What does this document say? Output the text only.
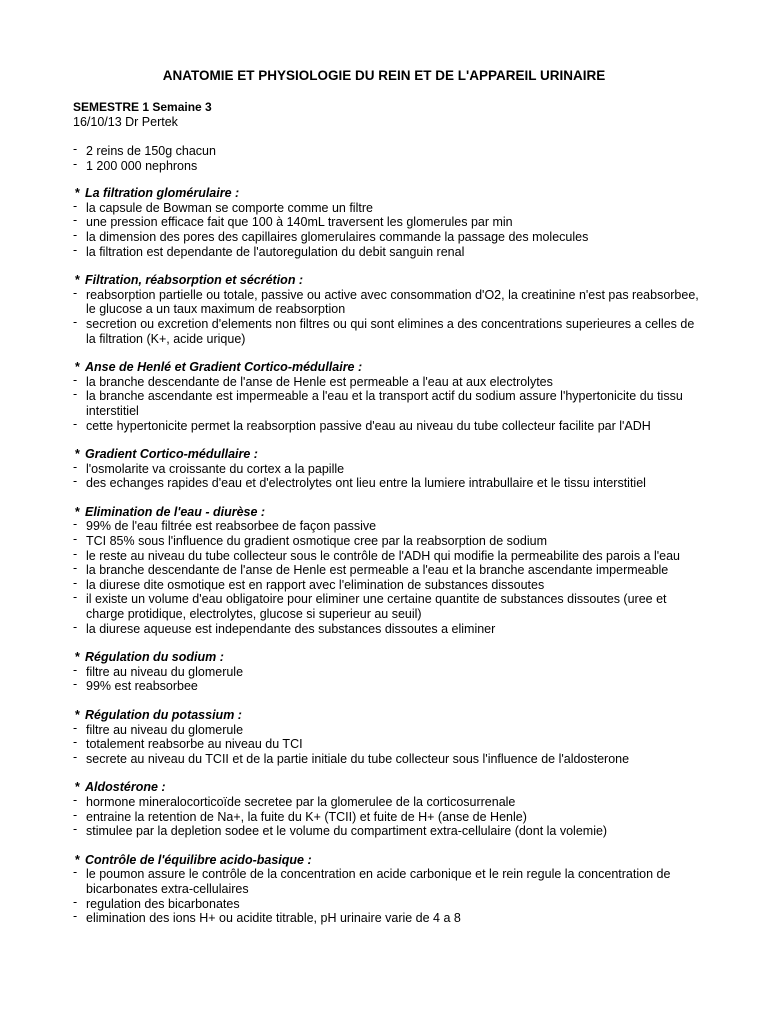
ANATOMIE ET PHYSIOLOGIE DU REIN ET DE L'APPAREIL URINAIRE
SEMESTRE 1 Semaine 3
16/10/13 Dr Pertek
- 2 reins de 150g chacun
- 1 200 000 nephrons
* La filtration glomérulaire :
- la capsule de Bowman se comporte comme un filtre
- une pression efficace fait que 100 à 140mL traversent les glomerules par min
- la dimension des pores des capillaires glomerulaires commande la passage des molecules
- la filtration est dependante de l'autoregulation du debit sanguin renal
* Filtration, réabsorption et sécrétion :
- reabsorption partielle ou totale, passive ou active avec consommation d'O2, la creatinine n'est pas reabsorbee, le glucose a un taux maximum de reabsorption
- secretion ou excretion d'elements non filtres ou qui sont elimines a des concentrations superieures a celles de la filtration (K+, acide urique)
* Anse de Henlé et Gradient Cortico-médullaire :
- la branche descendante de l'anse de Henle est permeable a l'eau at aux electrolytes
- la branche ascendante est impermeable a l'eau et la transport actif du sodium assure l'hypertonicite du tissu interstitiel
- cette hypertonicite permet la reabsorption passive d'eau au niveau du tube collecteur facilite par l'ADH
* Gradient Cortico-médullaire :
- l'osmolarite va croissante du cortex a la papille
- des echanges rapides d'eau et d'electrolytes ont lieu entre la lumiere intrabullaire et le tissu interstitiel
* Elimination de l'eau - diurèse :
- 99% de l'eau filtrée est reabsorbee de façon passive
- TCI 85% sous l'influence du gradient osmotique cree par la reabsorption de sodium
- le reste au niveau du tube collecteur sous le contrôle de l'ADH qui modifie la permeabilite des parois a l'eau
- la branche descendante de l'anse de Henle est permeable a l'eau et la branche ascendante impermeable
- la diurese dite osmotique est en rapport avec l'elimination de substances dissoutes
- il existe un volume d'eau obligatoire pour eliminer une certaine quantite de substances dissoutes (uree et charge protidique, electrolytes, glucose si superieur au seuil)
- la diurese aqueuse est independante des substances dissoutes a eliminer
* Régulation du sodium :
- filtre au niveau du glomerule
- 99% est reabsorbee
* Régulation du potassium :
- filtre au niveau du glomerule
- totalement reabsorbe au niveau du TCI
- secrete au niveau du TCII et de la partie initiale du tube collecteur sous l'influence de l'aldosterone
* Aldostérone :
- hormone mineralocorticoïde secretee par la glomerulee de la corticosurrenale
- entraine la retention de Na+, la fuite du K+ (TCII) et fuite de H+ (anse de Henle)
- stimulee par la depletion sodee et le volume du compartiment extra-cellulaire (dont la volemie)
* Contrôle de l'équilibre acido-basique :
- le poumon assure le contrôle de la concentration en acide carbonique et le rein regule la concentration de bicarbonates extra-cellulaires
- regulation des bicarbonates
- elimination des ions H+ ou acidite titrable, pH urinaire varie de 4 a 8
